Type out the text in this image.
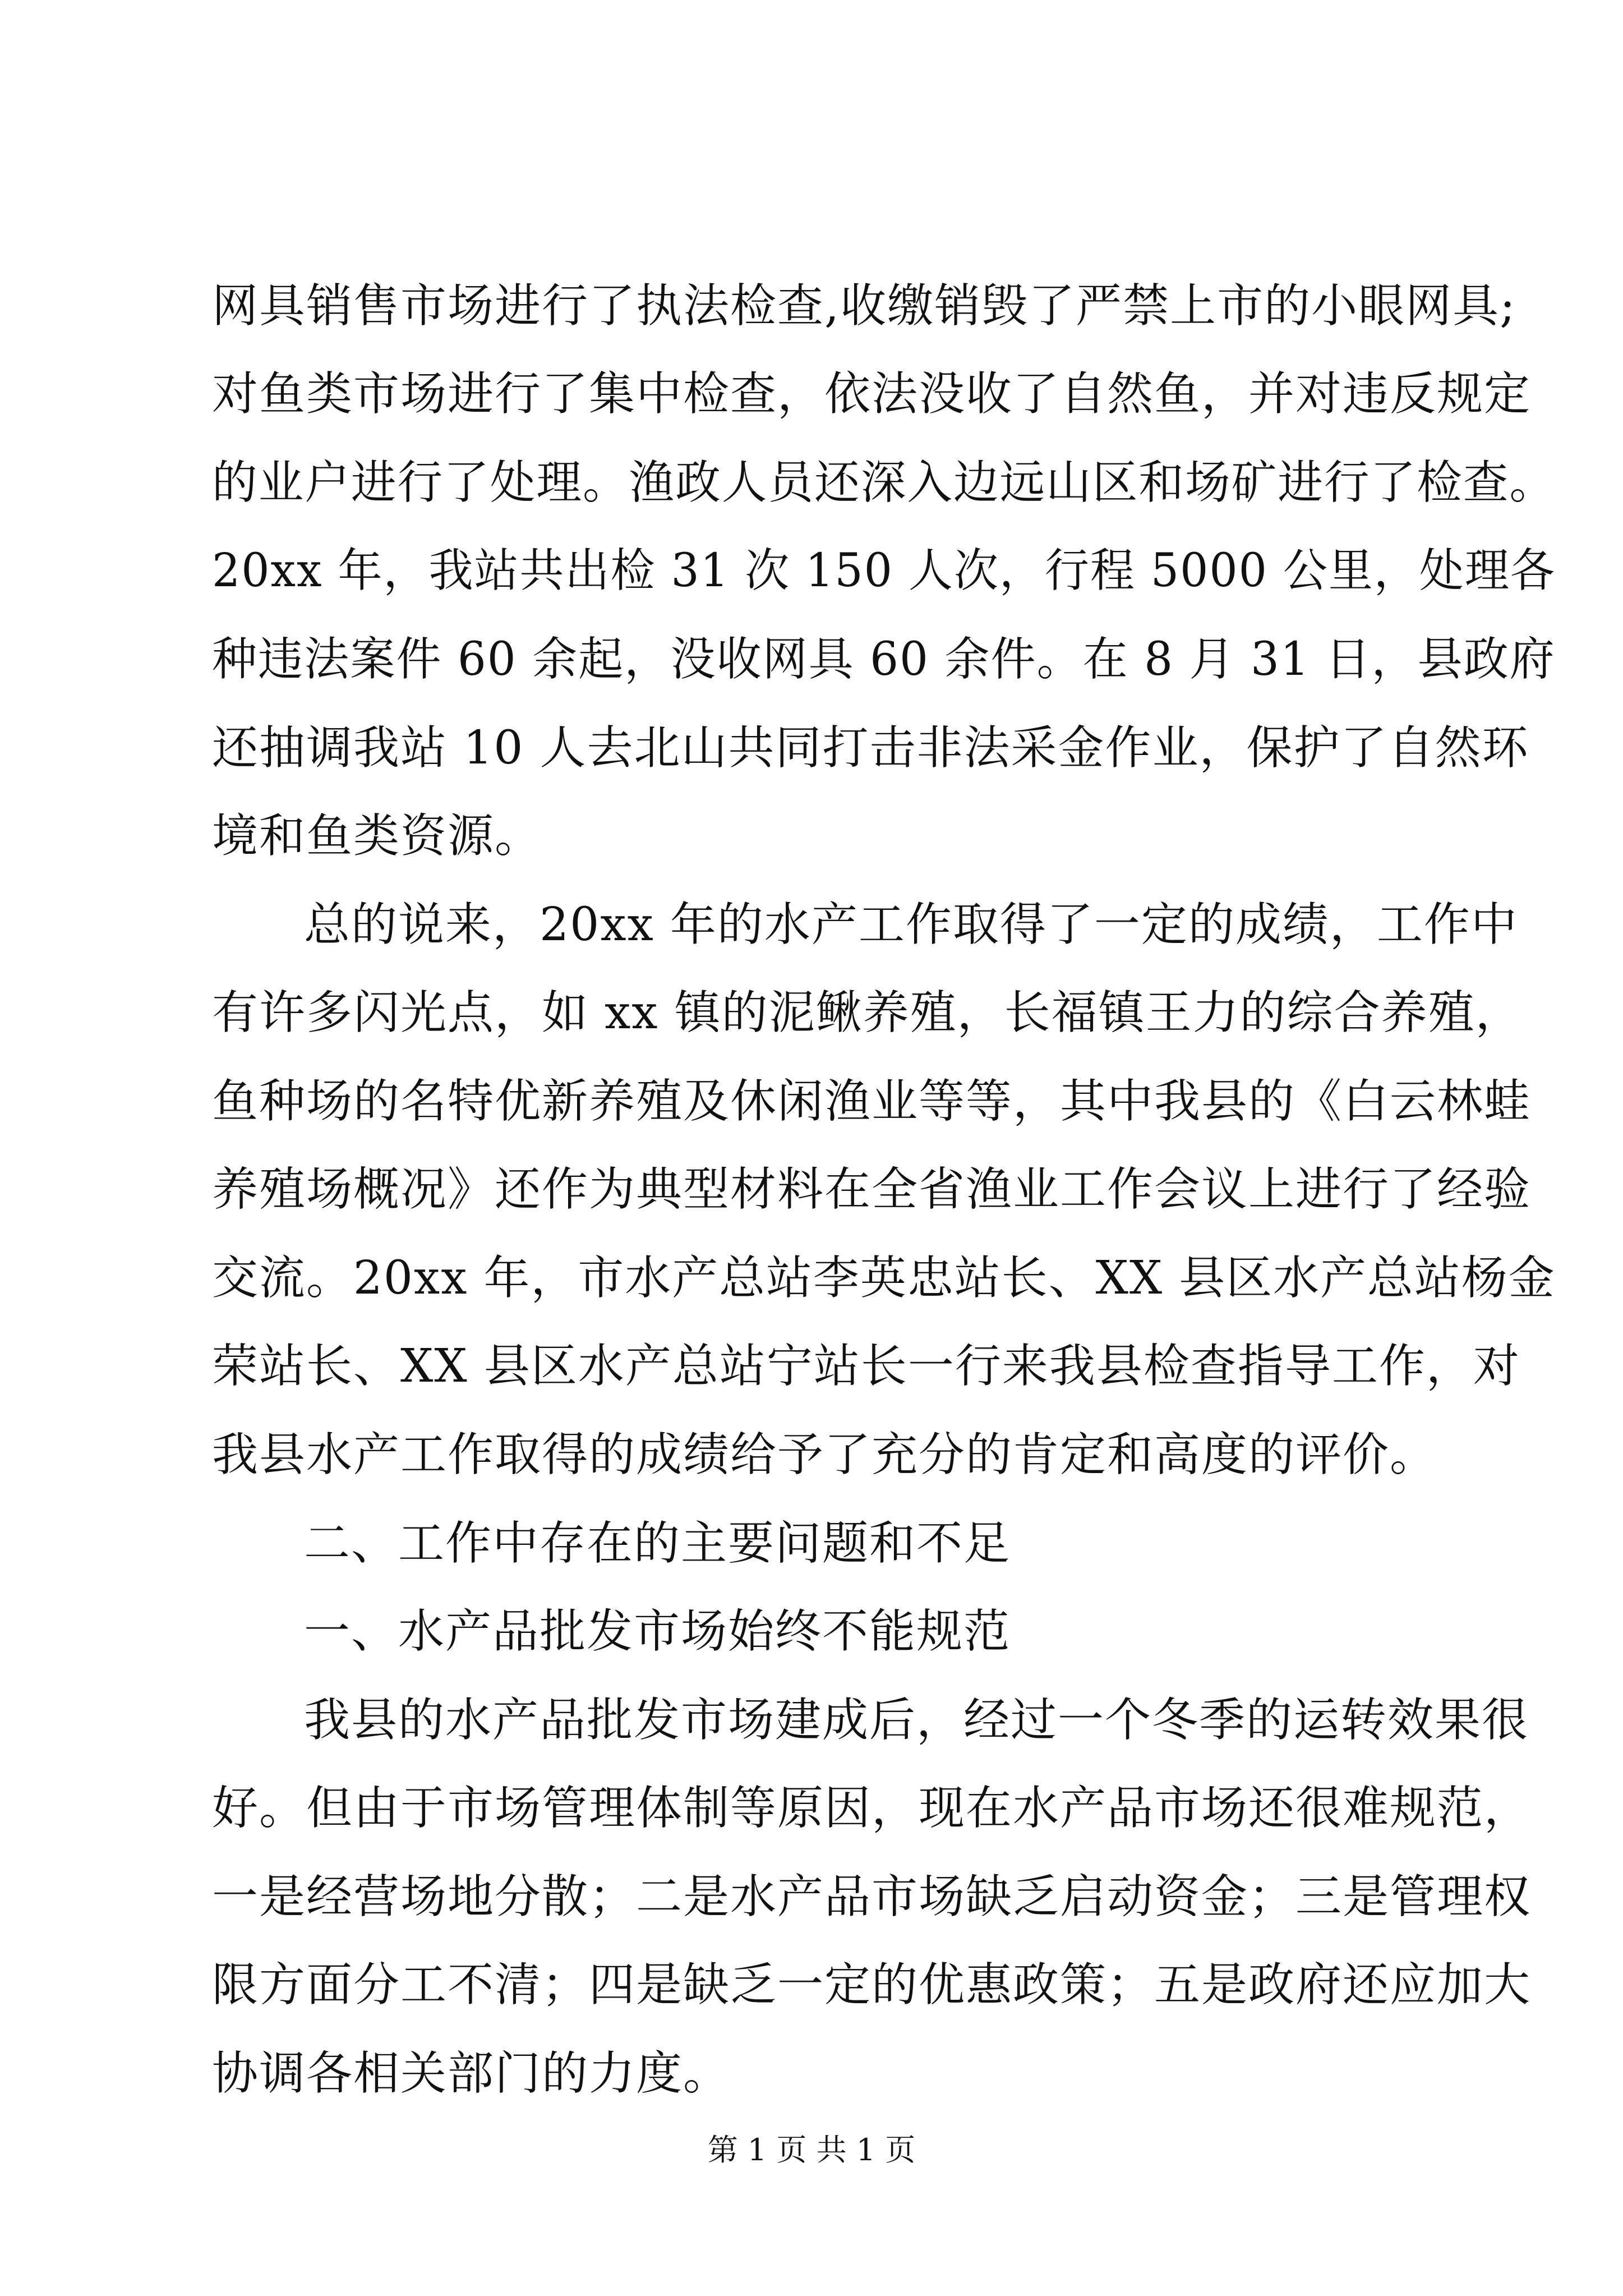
网具销售市场进行了执法检查,收缴销毁了严禁上市的小眼网具;
对鱼类市场进行了集中检查，依法没收了自然鱼，并对违反规定
的业户进行了处理。渔政人员还深入边远山区和场矿进行了检查。
20xx 年，我站共出检 31 次 150 人次，行程 5000 公里，处理各
种违法案件 60 余起，没收网具 60 余件。在 8 月 31 日，县政府
还抽调我站 10 人去北山共同打击非法采金作业，保护了自然环
境和鱼类资源。
总的说来，20xx 年的水产工作取得了一定的成绩，工作中
有许多闪光点，如 xx 镇的泥鳅养殖，长福镇王力的综合养殖，
鱼种场的名特优新养殖及休闲渔业等等，其中我县的《白云林蛙
养殖场概况》还作为典型材料在全省渔业工作会议上进行了经验
交流。20xx 年，市水产总站李英忠站长、XX 县区水产总站杨金
荣站长、XX 县区水产总站宁站长一行来我县检查指导工作，对
我县水产工作取得的成绩给予了充分的肯定和高度的评价。
二、工作中存在的主要问题和不足
一、水产品批发市场始终不能规范
我县的水产品批发市场建成后，经过一个冬季的运转效果很
好。但由于市场管理体制等原因，现在水产品市场还很难规范，
一是经营场地分散；二是水产品市场缺乏启动资金；三是管理权
限方面分工不清；四是缺乏一定的优惠政策；五是政府还应加大
协调各相关部门的力度。
第 1 页 共 1 页
